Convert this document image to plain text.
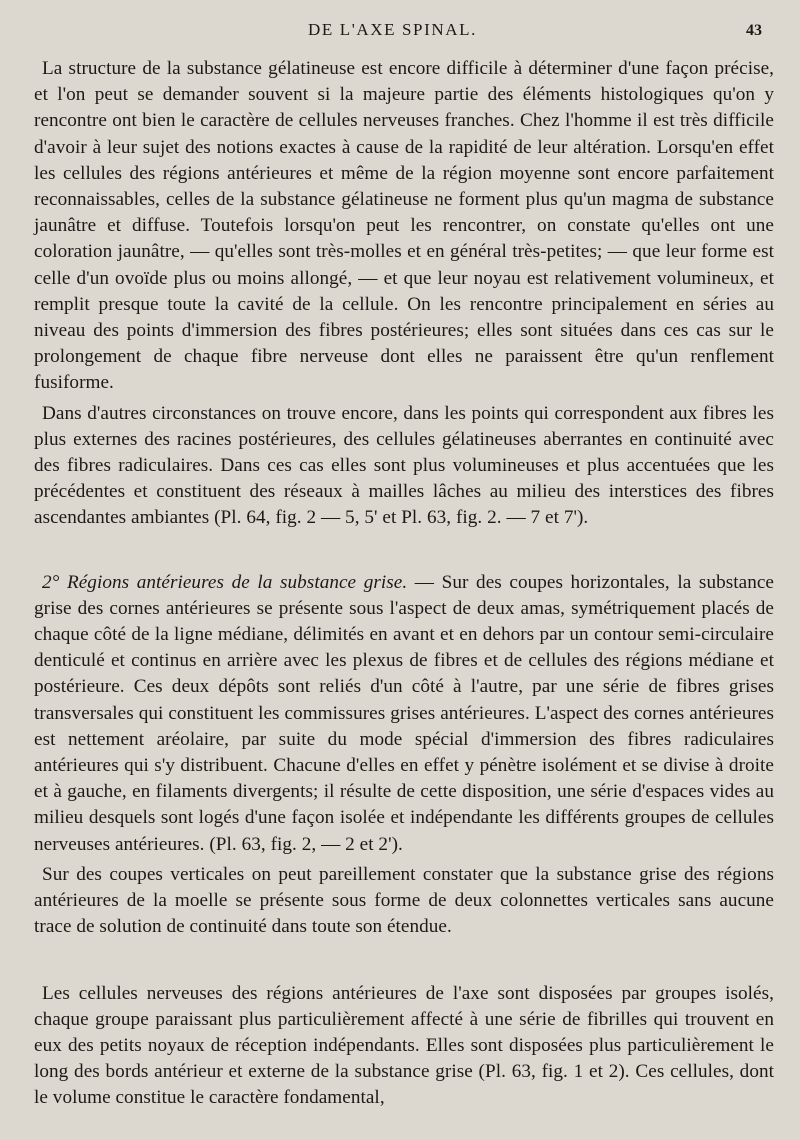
DE L'AXE SPINAL.	43

La structure de la substance gélatineuse est encore difficile à déterminer d'une façon précise, et l'on peut se demander souvent si la majeure partie des éléments histologiques qu'on y rencontre ont bien le caractère de cellules nerveuses franches. Chez l'homme il est très difficile d'avoir à leur sujet des notions exactes à cause de la rapidité de leur altération. Lorsqu'en effet les cellules des régions antérieures et même de la région moyenne sont encore parfaitement reconnaissables, celles de la substance gélatineuse ne forment plus qu'un magma de substance jaunâtre et diffuse. Toutefois lorsqu'on peut les rencontrer, on constate qu'elles ont une coloration jaunâtre, — qu'elles sont très-molles et en général très-petites; — que leur forme est celle d'un ovoïde plus ou moins allongé, — et que leur noyau est relativement volumineux, et remplit presque toute la cavité de la cellule. On les rencontre principalement en séries au niveau des points d'immersion des fibres postérieures; elles sont situées dans ces cas sur le prolongement de chaque fibre nerveuse dont elles ne paraissent être qu'un renflement fusiforme.

Dans d'autres circonstances on trouve encore, dans les points qui correspondent aux fibres les plus externes des racines postérieures, des cellules gélatineuses aberrantes en continuité avec des fibres radiculaires. Dans ces cas elles sont plus volumineuses et plus accentuées que les précédentes et constituent des réseaux à mailles lâches au milieu des interstices des fibres ascendantes ambiantes (Pl. 64, fig. 2 — 5, 5' et Pl. 63, fig. 2. — 7 et 7').

2° Régions antérieures de la substance grise. — Sur des coupes horizontales, la substance grise des cornes antérieures se présente sous l'aspect de deux amas, symétriquement placés de chaque côté de la ligne médiane, délimités en avant et en dehors par un contour semi-circulaire denticulé et continus en arrière avec les plexus de fibres et de cellules des régions médiane et postérieure. Ces deux dépôts sont reliés d'un côté à l'autre, par une série de fibres grises transversales qui constituent les commissures grises antérieures. L'aspect des cornes antérieures est nettement aréolaire, par suite du mode spécial d'immersion des fibres radiculaires antérieures qui s'y distribuent. Chacune d'elles en effet y pénètre isolément et se divise à droite et à gauche, en filaments divergents; il résulte de cette disposition, une série d'espaces vides au milieu desquels sont logés d'une façon isolée et indépendante les différents groupes de cellules nerveuses antérieures. (Pl. 63, fig. 2, — 2 et 2').

Sur des coupes verticales on peut pareillement constater que la substance grise des régions antérieures de la moelle se présente sous forme de deux colonnettes verticales sans aucune trace de solution de continuité dans toute son étendue.

Les cellules nerveuses des régions antérieures de l'axe sont disposées par groupes isolés, chaque groupe paraissant plus particulièrement affecté à une série de fibrilles qui trouvent en eux des petits noyaux de réception indépendants. Elles sont disposées plus particulièrement le long des bords antérieur et externe de la substance grise (Pl. 63, fig. 1 et 2). Ces cellules, dont le volume constitue le caractère fondamental,
